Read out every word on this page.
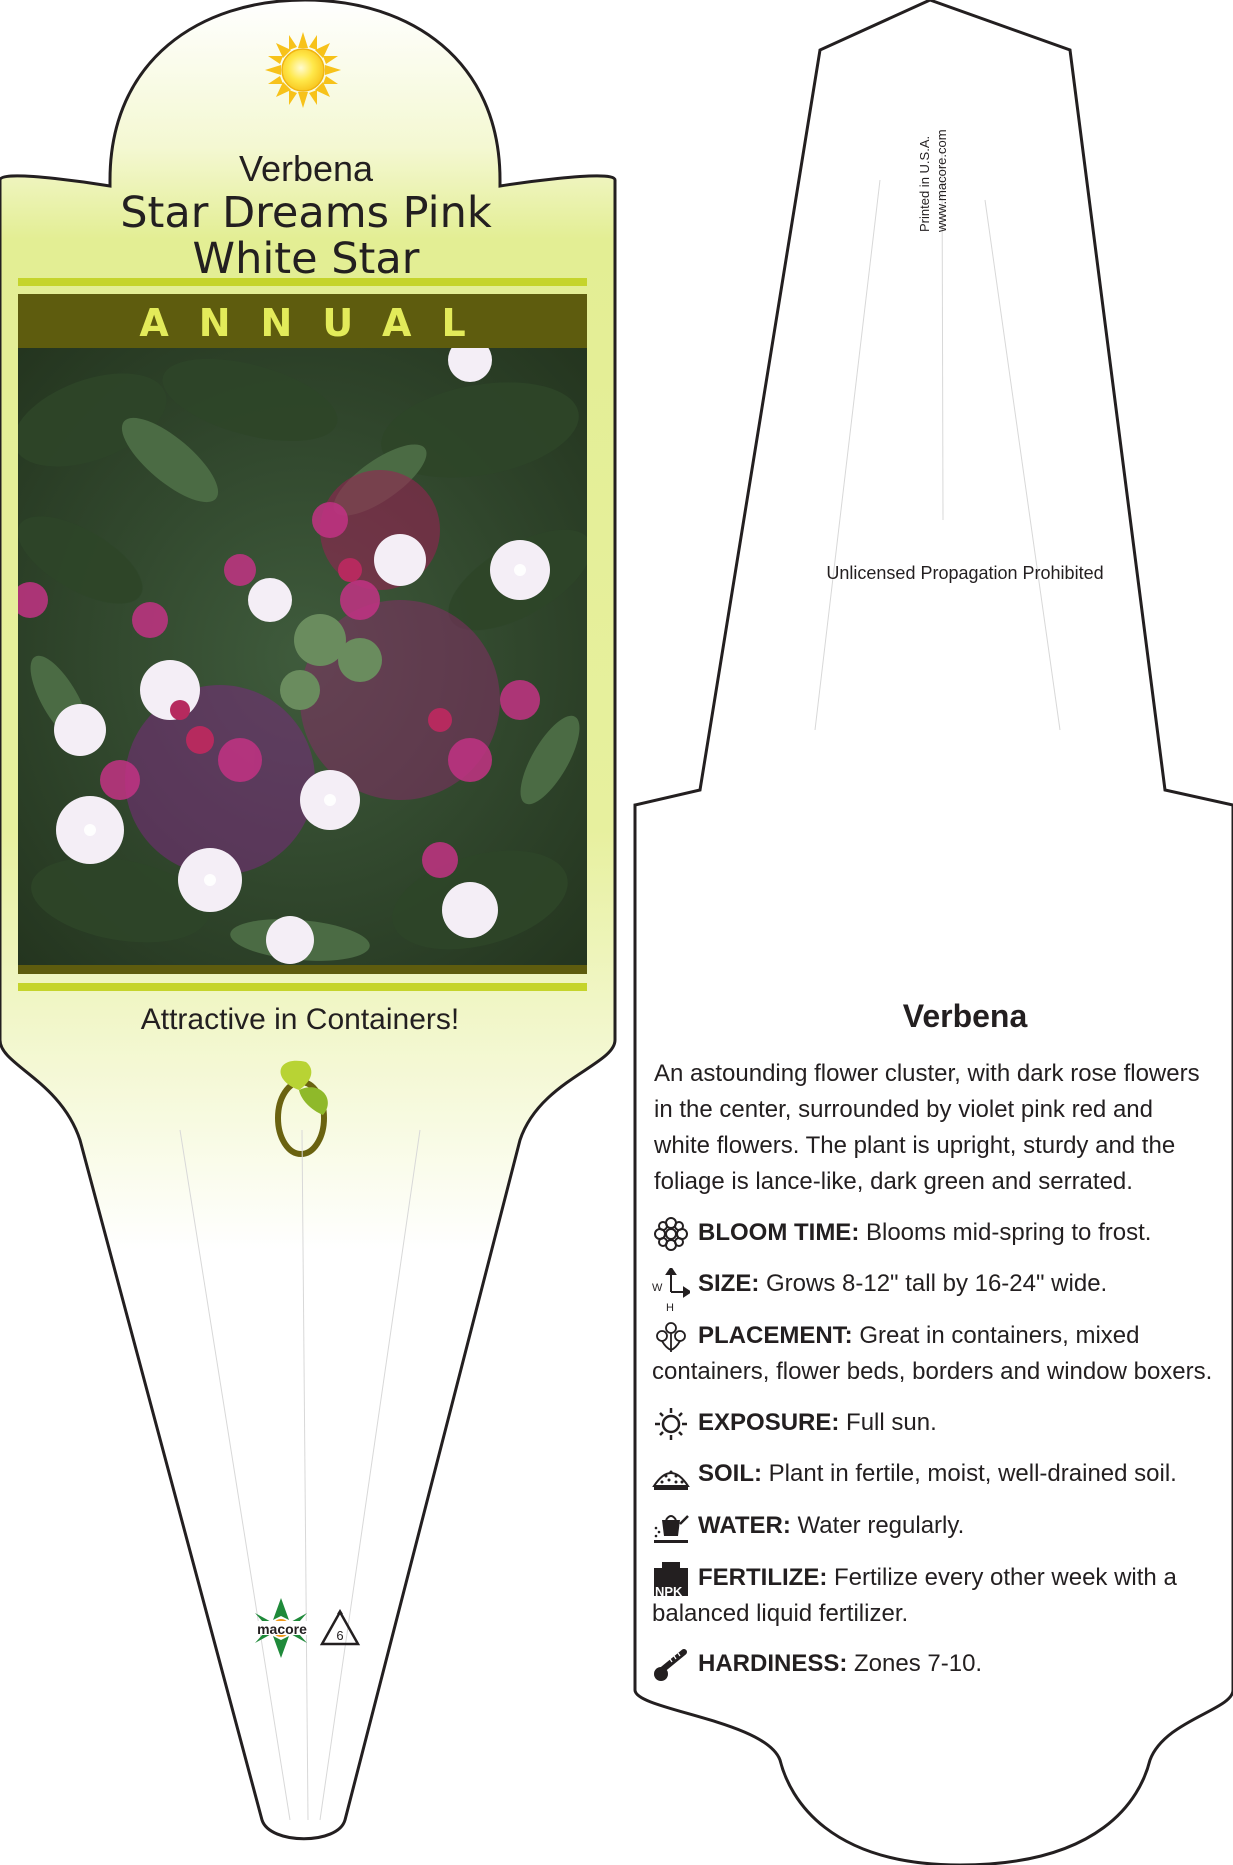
Verbena
Star Dreams Pink
White Star
ANNUAL
Attractive in Containers!
macore	6
Printed in U.S.A. www.macore.com
Unlicensed Propagation Prohibited
Verbena
An astounding flower cluster, with dark rose flowers in the center, surrounded by violet pink red and white flowers. The plant is upright, sturdy and the foliage is lance-like, dark green and serrated.
BLOOM TIME: Blooms mid-spring to frost.
W
H
SIZE: Grows 8-12" tall by 16-24" wide.
PLACEMENT: Great in containers, mixed containers, flower beds, borders and window boxers.
EXPOSURE: Full sun.
SOIL: Plant in fertile, moist, well-drained soil.
WATER: Water regularly.
NPK
FERTILIZE: Fertilize every other week with a balanced liquid fertilizer.
HARDINESS: Zones 7-10.
